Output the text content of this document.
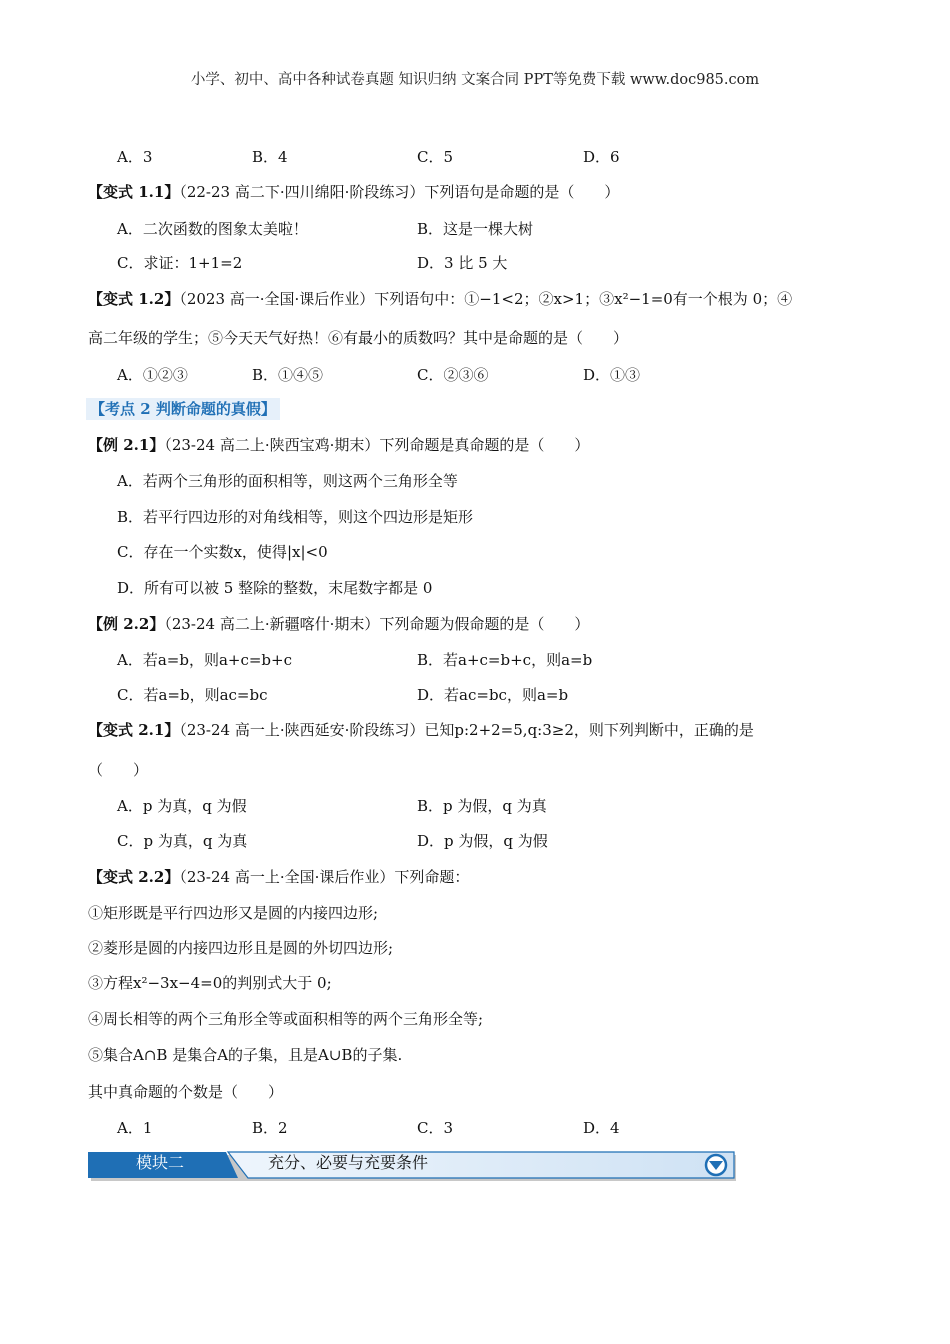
小学、初中、高中各种试卷真题 知识归纳 文案合同 PPT等免费下载 www.doc985.com
A．3	B．4	C．5	D．6
【变式 1.1】（22-23 高二下·四川绵阳·阶段练习）下列语句是命题的是（　　）
A．二次函数的图象太美啦！	B．这是一棵大树
C．求证：1+1=2	D．3 比 5 大
【变式 1.2】（2023 高一·全国·课后作业）下列语句中：①−1<2；②x>1；③x²−1=0有一个根为 0；④
高二年级的学生；⑤今天天气好热！⑥有最小的质数吗？其中是命题的是（　　）
A．①②③	B．①④⑤	C．②③⑥	D．①③
【考点 2 判断命题的真假】
【例 2.1】（23-24 高二上·陕西宝鸡·期末）下列命题是真命题的是（　　）
A．若两个三角形的面积相等，则这两个三角形全等
B．若平行四边形的对角线相等，则这个四边形是矩形
C．存在一个实数x，使得|x|<0
D．所有可以被 5 整除的整数，末尾数字都是 0
【例 2.2】（23-24 高二上·新疆喀什·期末）下列命题为假命题的是（　　）
A．若a=b，则a+c=b+c	B．若a+c=b+c，则a=b
C．若a=b，则ac=bc	D．若ac=bc，则a=b
【变式 2.1】（23-24 高一上·陕西延安·阶段练习）已知p:2+2=5,q:3≥2，则下列判断中，正确的是
（　　）
A．p 为真，q 为假	B．p 为假，q 为真
C．p 为真，q 为真	D．p 为假，q 为假
【变式 2.2】（23-24 高一上·全国·课后作业）下列命题：
①矩形既是平行四边形又是圆的内接四边形;
②菱形是圆的内接四边形且是圆的外切四边形;
③方程x²−3x−4=0的判别式大于 0;
④周长相等的两个三角形全等或面积相等的两个三角形全等;
⑤集合A∩B 是集合A的子集，且是A∪B的子集.
其中真命题的个数是（　　）
A．1	B．2	C．3	D．4
模块二	充分、必要与充要条件
